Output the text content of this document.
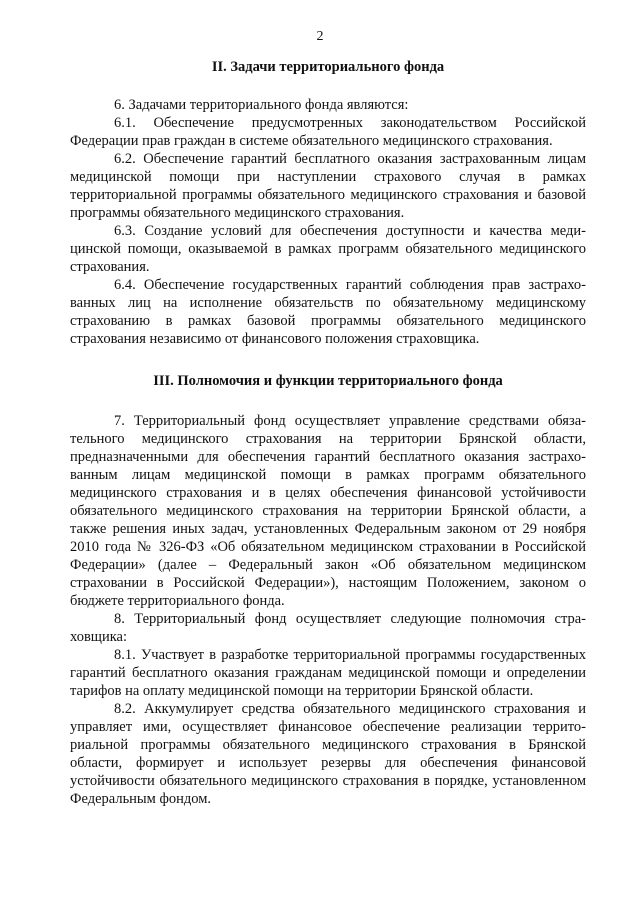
2
II. Задачи территориального фонда

6. Задачами территориального фонда являются:

6.1. Обеспечение предусмотренных законодательством Российской Федерации прав граждан в системе обязательного медицинского страхования.

6.2. Обеспечение гарантий бесплатного оказания застрахованным лицам медицинской помощи при наступлении страхового случая в рамках территориальной программы обязательного медицинского страхования и базовой программы обязательного медицинского страхования.

6.3. Создание условий для обеспечения доступности и качества медицинской помощи, оказываемой в рамках программ обязательного медицинского страхования.

6.4. Обеспечение государственных гарантий соблюдения прав застрахованных лиц на исполнение обязательств по обязательному медицинскому страхованию в рамках базовой программы обязательного медицинского страхования независимо от финансового положения страховщика.

III. Полномочия и функции территориального фонда

7. Территориальный фонд осуществляет управление средствами обязательного медицинского страхования на территории Брянской области, предназначенными для обеспечения гарантий бесплатного оказания застрахованным лицам медицинской помощи в рамках программ обязательного медицинского страхования и в целях обеспечения финансовой устойчивости обязательного медицинского страхования на территории Брянской области, а также решения иных задач, установленных Федеральным законом от 29 ноября 2010 года № 326-ФЗ «Об обязательном медицинском страховании в Российской Федерации» (далее – Федеральный закон «Об обязательном медицинском страховании в Российской Федерации»), настоящим Положением, законом о бюджете территориального фонда.

8. Территориальный фонд осуществляет следующие полномочия страховщика:

8.1. Участвует в разработке территориальной программы государственных гарантий бесплатного оказания гражданам медицинской помощи и определении тарифов на оплату медицинской помощи на территории Брянской области.

8.2. Аккумулирует средства обязательного медицинского страхования и управляет ими, осуществляет финансовое обеспечение реализации территориальной программы обязательного медицинского страхования в Брянской области, формирует и использует резервы для обеспечения финансовой устойчивости обязательного медицинского страхования в порядке, установленном Федеральным фондом.
